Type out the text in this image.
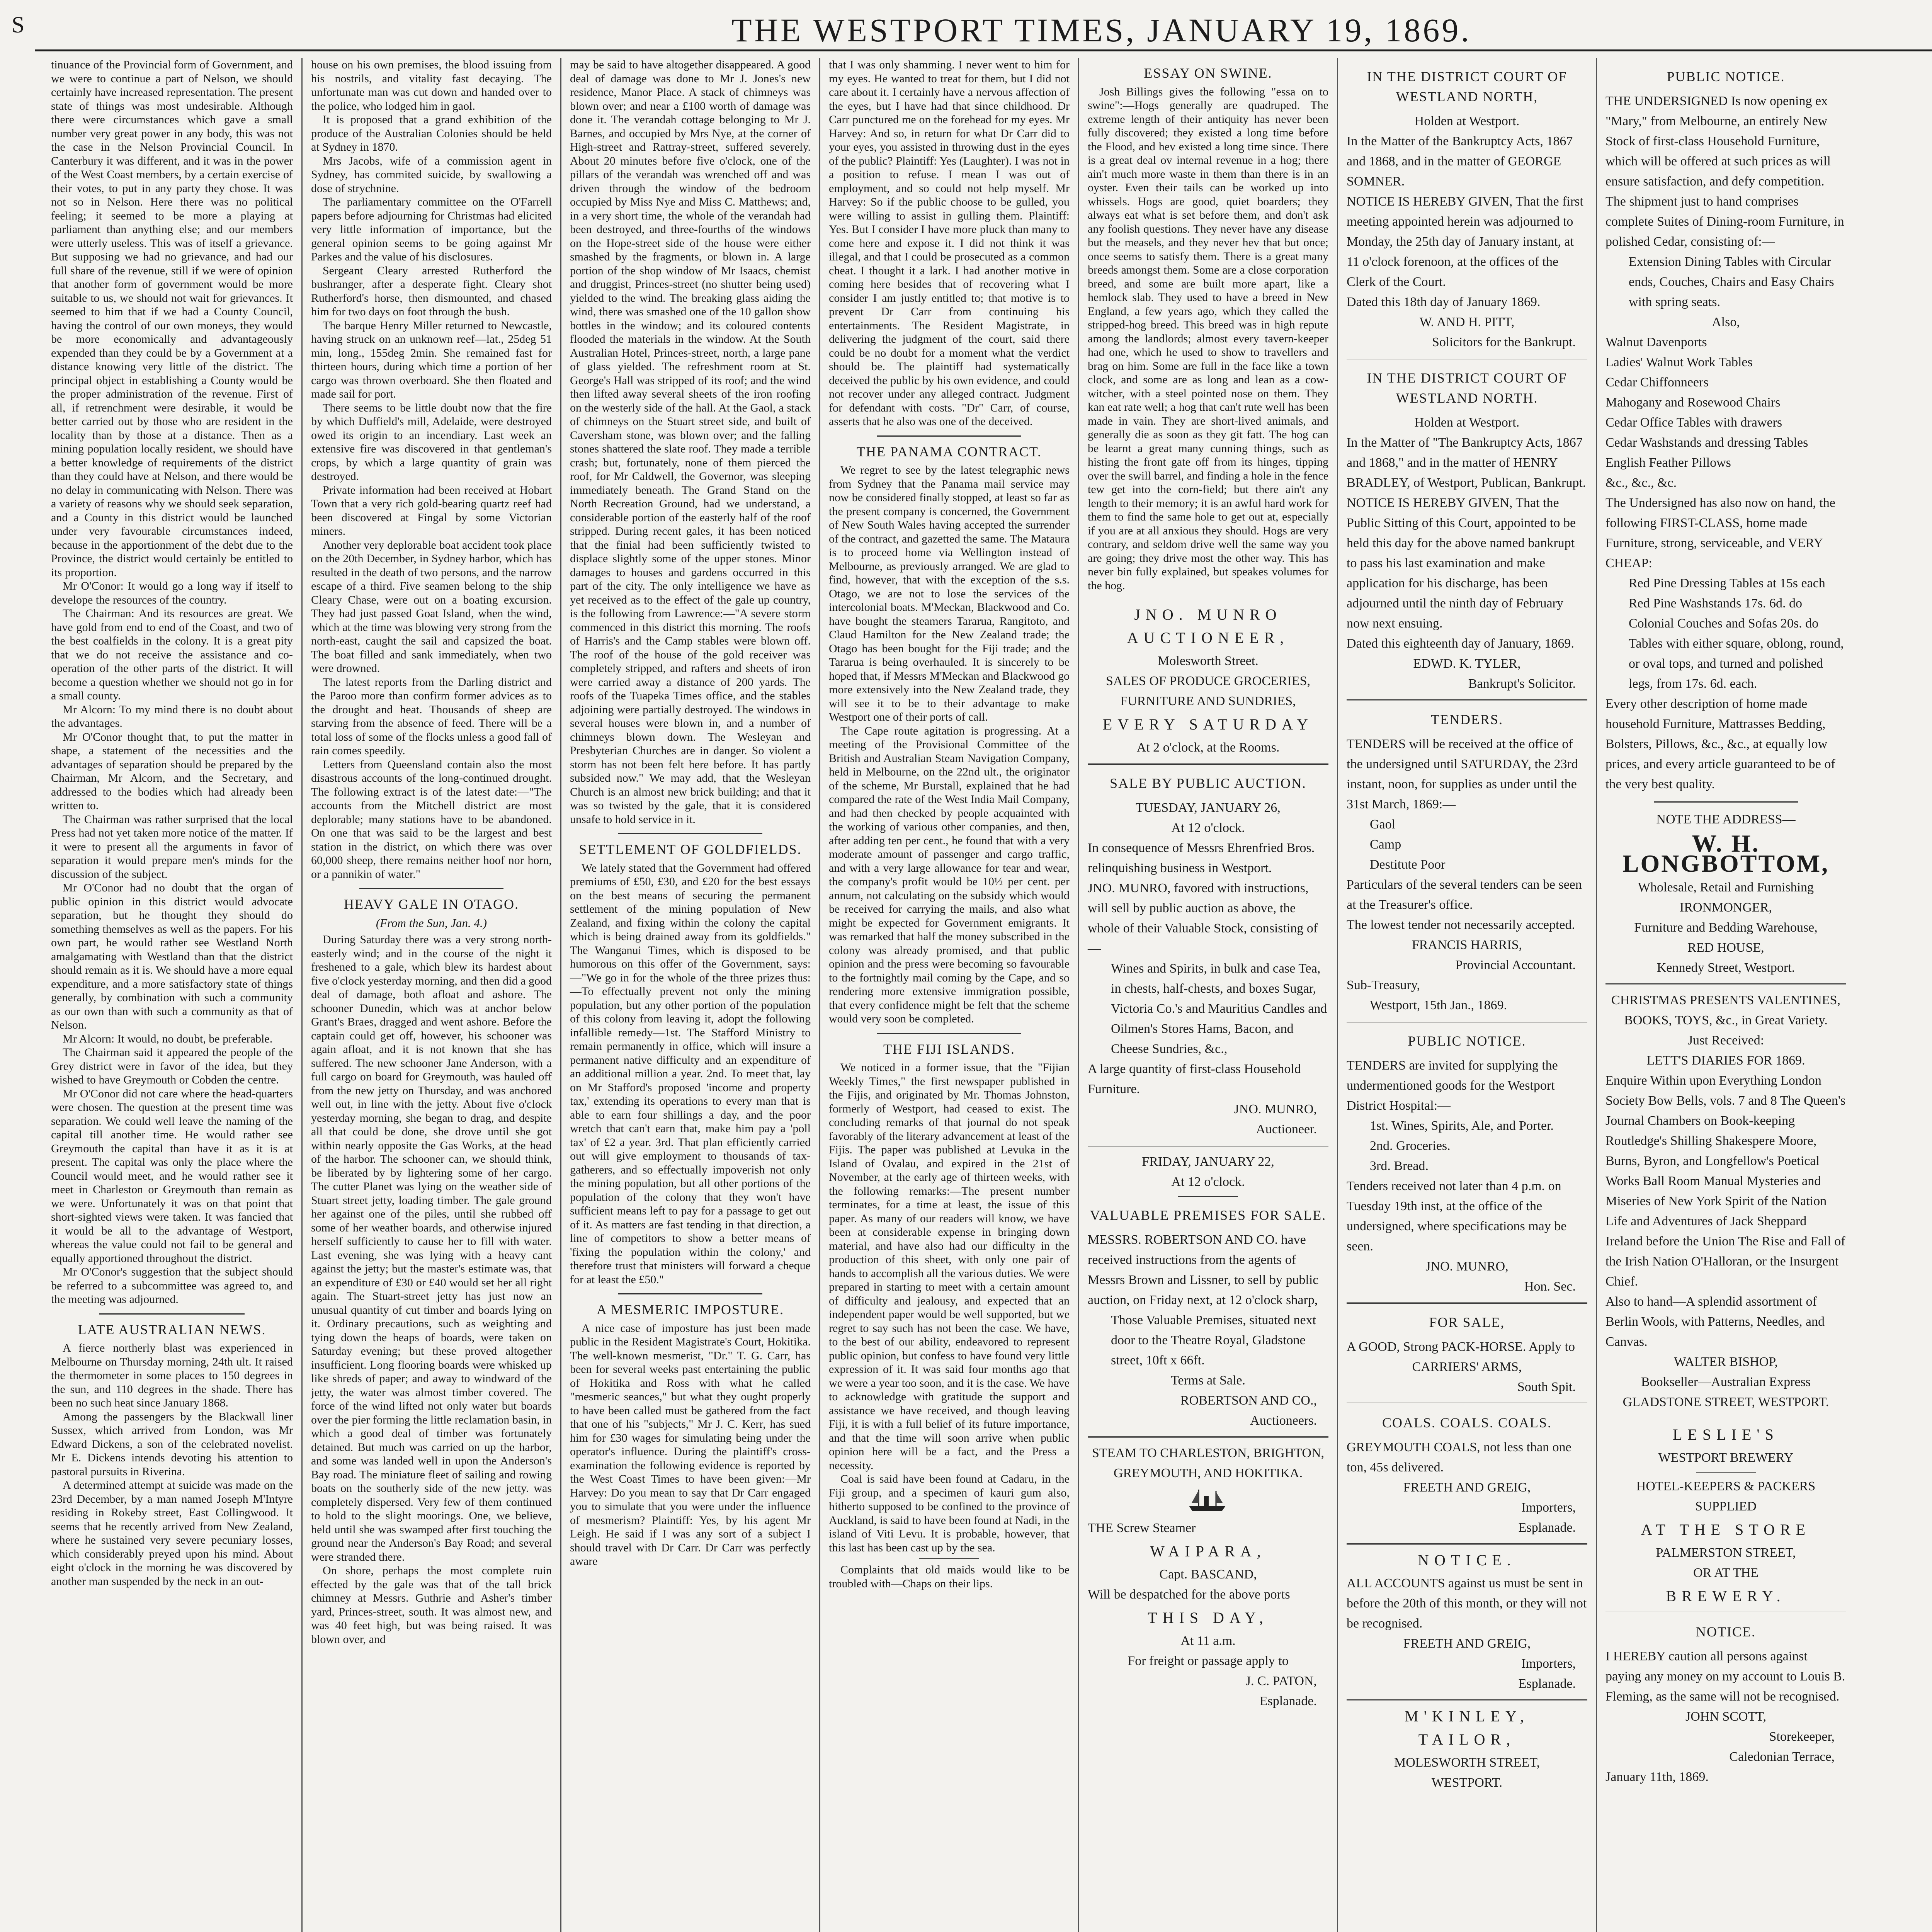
S	THE WESTPORT TIMES, JANUARY 19, 1869.

tinuance of the Provincial form of Government, and we were to continue a part of Nelson, we should certainly have increased representation. The present state of things was most undesirable. Although there were circumstances which gave a small number very great power in any body, this was not the case in the Nelson Provincial Council. In Canterbury it was different, and it was in the power of the West Coast members, by a certain exercise of their votes, to put in any party they chose. It was not so in Nelson. Here there was no political feeling; it seemed to be more a playing at parliament than anything else; and our members were utterly useless. This was of itself a grievance. But supposing we had no grievance, and had our full share of the revenue, still if we were of opinion that another form of government would be more suitable to us, we should not wait for grievances. It seemed to him that if we had a County Council, having the control of our own moneys, they would be more economically and advantageously expended than they could be by a Government at a distance knowing very little of the district. The principal object in establishing a County would be the proper administration of the revenue. First of all, if retrenchment were desirable, it would be better carried out by those who are resident in the locality than by those at a distance. Then as a mining population locally resident, we should have a better knowledge of requirements of the district than they could have at Nelson, and there would be no delay in communicating with Nelson. There was a variety of reasons why we should seek separation, and a County in this district would be launched under very favourable circumstances indeed, because in the apportionment of the debt due to the Province, the district would certainly be entitled to its proportion.

Mr O'Conor: It would go a long way if itself to develope the resources of the country.

The Chairman: And its resources are great. We have gold from end to end of the Coast, and two of the best coalfields in the colony. It is a great pity that we do not receive the assistance and co-operation of the other parts of the district. It will become a question whether we should not go in for a small county.

Mr Alcorn: To my mind there is no doubt about the advantages.

Mr O'Conor thought that, to put the matter in shape, a statement of the necessities and the advantages of separation should be prepared by the Chairman, Mr Alcorn, and the Secretary, and addressed to the bodies which had already been written to.

The Chairman was rather surprised that the local Press had not yet taken more notice of the matter. If it were to present all the arguments in favor of separation it would prepare men's minds for the discussion of the subject.

Mr O'Conor had no doubt that the organ of public opinion in this district would advocate separation, but he thought they should do something themselves as well as the papers. For his own part, he would rather see Westland North amalgamating with Westland than that the district should remain as it is. We should have a more equal expenditure, and a more satisfactory state of things generally, by combination with such a community as our own than with such a community as that of Nelson.

Mr Alcorn: It would, no doubt, be preferable.

The Chairman said it appeared the people of the Grey district were in favor of the idea, but they wished to have Greymouth or Cobden the centre.

Mr O'Conor did not care where the head-quarters were chosen. The question at the present time was separation. We could well leave the naming of the capital till another time. He would rather see Greymouth the capital than have it as it is at present. The capital was only the place where the Council would meet, and he would rather see it meet in Charleston or Greymouth than remain as we were. Unfortunately it was on that point that short-sighted views were taken. It was fancied that it would be all to the advantage of Westport, whereas the value could not fail to be general and equally apportioned throughout the district.

Mr O'Conor's suggestion that the subject should be referred to a subcommittee was agreed to, and the meeting was adjourned.

LATE AUSTRALIAN NEWS.

A fierce northerly blast was experienced in Melbourne on Thursday morning, 24th ult. It raised the thermometer in some places to 150 degrees in the sun, and 110 degrees in the shade. There has been no such heat since January 1868.

Among the passengers by the Blackwall liner Sussex, which arrived from London, was Mr Edward Dickens, a son of the celebrated novelist. Mr E. Dickens intends devoting his attention to pastoral pursuits in Riverina.

A determined attempt at suicide was made on the 23rd December, by a man named Joseph M'Intyre residing in Rokeby street, East Collingwood. It seems that he recently arrived from New Zealand, where he sustained very severe pecuniary losses, which considerably preyed upon his mind. About eight o'clock in the morning he was discovered by another man suspended by the neck in an out-

house on his own premises, the blood issuing from his nostrils, and vitality fast decaying. The unfortunate man was cut down and handed over to the police, who lodged him in gaol.

It is proposed that a grand exhibition of the produce of the Australian Colonies should be held at Sydney in 1870.

Mrs Jacobs, wife of a commission agent in Sydney, has commited suicide, by swallowing a dose of strychnine.

The parliamentary committee on the O'Farrell papers before adjourning for Christmas had elicited very little information of importance, but the general opinion seems to be going against Mr Parkes and the value of his disclosures.

Sergeant Cleary arrested Rutherford the bushranger, after a desperate fight. Cleary shot Rutherford's horse, then dismounted, and chased him for two days on foot through the bush.

The barque Henry Miller returned to Newcastle, having struck on an unknown reef—lat., 25deg 51 min, long., 155deg 2min. She remained fast for thirteen hours, during which time a portion of her cargo was thrown overboard. She then floated and made sail for port.

There seems to be little doubt now that the fire by which Duffield's mill, Adelaide, were destroyed owed its origin to an incendiary. Last week an extensive fire was discovered in that gentleman's crops, by which a large quantity of grain was destroyed.

Private information had been received at Hobart Town that a very rich gold-bearing quartz reef had been discovered at Fingal by some Victorian miners.

Another very deplorable boat accident took place on the 20th December, in Sydney harbor, which has resulted in the death of two persons, and the narrow escape of a third. Five seamen belong to the ship Cleary Chase, were out on a boating excursion. They had just passed Goat Island, when the wind, which at the time was blowing very strong from the north-east, caught the sail and capsized the boat. The boat filled and sank immediately, when two were drowned.

The latest reports from the Darling district and the Paroo more than confirm former advices as to the drought and heat. Thousands of sheep are starving from the absence of feed. There will be a total loss of some of the flocks unless a good fall of rain comes speedily.

Letters from Queensland contain also the most disastrous accounts of the long-continued drought. The following extract is of the latest date:—"The accounts from the Mitchell district are most deplorable; many stations have to be abandoned. On one that was said to be the largest and best station in the district, on which there was over 60,000 sheep, there remains neither hoof nor horn, or a pannikin of water."

HEAVY GALE IN OTAGO.
(From the Sun, Jan. 4.)

During Saturday there was a very strong north-easterly wind; and in the course of the night it freshened to a gale, which blew its hardest about five o'clock yesterday morning, and then did a good deal of damage, both afloat and ashore. The schooner Dunedin, which was at anchor below Grant's Braes, dragged and went ashore. Before the captain could get off, however, his schooner was again afloat, and it is not known that she has suffered. The new schooner Jane Anderson, with a full cargo on board for Greymouth, was hauled off from the new jetty on Thursday, and was anchored well out, in line with the jetty. About five o'clock yesterday morning, she began to drag, and despite all that could be done, she drove until she got within nearly opposite the Gas Works, at the head of the harbor. The schooner can, we should think, be liberated by by lightering some of her cargo. The cutter Planet was lying on the weather side of Stuart street jetty, loading timber. The gale ground her against one of the piles, until she rubbed off some of her weather boards, and otherwise injured herself sufficiently to cause her to fill with water. Last evening, she was lying with a heavy cant against the jetty; but the master's estimate was, that an expenditure of £30 or £40 would set her all right again. The Stuart-street jetty has just now an unusual quantity of cut timber and boards lying on it. Ordinary precautions, such as weighting and tying down the heaps of boards, were taken on Saturday evening; but these proved altogether insufficient. Long flooring boards were whisked up like shreds of paper; and away to windward of the jetty, the water was almost timber covered. The force of the wind lifted not only water but boards over the pier forming the little reclamation basin, in which a good deal of timber was fortunately detained. But much was carried on up the harbor, and some was landed well in upon the Anderson's Bay road. The miniature fleet of sailing and rowing boats on the southerly side of the new jetty. was completely dispersed. Very few of them continued to hold to the slight moorings. One, we believe, held until she was swamped after first touching the ground near the Anderson's Bay Road; and several were stranded there.

On shore, perhaps the most complete ruin effected by the gale was that of the tall brick chimney at Messrs. Guthrie and Asher's timber yard, Princes-street, south. It was almost new, and was 40 feet high, but was being raised. It was blown over, and

may be said to have altogether disappeared. A good deal of damage was done to Mr J. Jones's new residence, Manor Place. A stack of chimneys was blown over; and near a £100 worth of damage was done it. The verandah cottage belonging to Mr J. Barnes, and occupied by Mrs Nye, at the corner of High-street and Rattray-street, suffered severely. About 20 minutes before five o'clock, one of the pillars of the verandah was wrenched off and was driven through the window of the bedroom occupied by Miss Nye and Miss C. Matthews; and, in a very short time, the whole of the verandah had been destroyed, and three-fourths of the windows on the Hope-street side of the house were either smashed by the fragments, or blown in. A large portion of the shop window of Mr Isaacs, chemist and druggist, Princes-street (no shutter being used) yielded to the wind. The breaking glass aiding the wind, there was smashed one of the 10 gallon show bottles in the window; and its coloured contents flooded the materials in the window. At the South Australian Hotel, Princes-street, north, a large pane of glass yielded. The refreshment room at St. George's Hall was stripped of its roof; and the wind then lifted away several sheets of the iron roofing on the westerly side of the hall. At the Gaol, a stack of chimneys on the Stuart street side, and built of Caversham stone, was blown over; and the falling stones shattered the slate roof. They made a terrible crash; but, fortunately, none of them pierced the roof, for Mr Caldwell, the Governor, was sleeping immediately beneath. The Grand Stand on the North Recreation Ground, had we understand, a considerable portion of the easterly half of the roof stripped. During recent gales, it has been noticed that the finial had been sufficiently twisted to displace slightly some of the upper stones. Minor damages to houses and gardens occurred in this part of the city. The only intelligence we have as yet received as to the effect of the gale up country, is the following from Lawrence:—"A severe storm commenced in this district this morning. The roofs of Harris's and the Camp stables were blown off. The roof of the house of the gold receiver was completely stripped, and rafters and sheets of iron were carried away a distance of 200 yards. The roofs of the Tuapeka Times office, and the stables adjoining were partially destroyed. The windows in several houses were blown in, and a number of chimneys blown down. The Wesleyan and Presbyterian Churches are in danger. So violent a storm has not been felt here before. It has partly subsided now." We may add, that the Wesleyan Church is an almost new brick building; and that it was so twisted by the gale, that it is considered unsafe to hold service in it.

SETTLEMENT OF GOLDFIELDS.

We lately stated that the Government had offered premiums of £50, £30, and £20 for the best essays on the best means of securing the permanent settlement of the mining population of New Zealand, and fixing within the colony the capital which is being drained away from its goldfields." The Wanganui Times, which is disposed to be humorous on this offer of the Government, says:—"We go in for the whole of the three prizes thus:—To effectually prevent not only the mining population, but any other portion of the population of this colony from leaving it, adopt the following infallible remedy—1st. The Stafford Ministry to remain permanently in office, which will insure a permanent native difficulty and an expenditure of an additional million a year. 2nd. To meet that, lay on Mr Stafford's proposed 'income and property tax,' extending its operations to every man that is able to earn four shillings a day, and the poor wretch that can't earn that, make him pay a 'poll tax' of £2 a year. 3rd. That plan efficiently carried out will give employment to thousands of tax-gatherers, and so effectually impoverish not only the mining population, but all other portions of the population of the colony that they won't have sufficient means left to pay for a passage to get out of it. As matters are fast tending in that direction, a line of competitors to show a better means of 'fixing the population within the colony,' and therefore trust that ministers will forward a cheque for at least the £50."

A MESMERIC IMPOSTURE.

A nice case of imposture has just been made public in the Resident Magistrate's Court, Hokitika. The well-known mesmerist, "Dr." T. G. Carr, has been for several weeks past entertaining the public of Hokitika and Ross with what he called "mesmeric seances," but what they ought properly to have been called must be gathered from the fact that one of his "subjects," Mr J. C. Kerr, has sued him for £30 wages for simulating being under the operator's influence. During the plaintiff's cross-examination the following evidence is reported by the West Coast Times to have been given:—Mr Harvey: Do you mean to say that Dr Carr engaged you to simulate that you were under the influence of mesmerism? Plaintiff: Yes, by his agent Mr Leigh. He said if I was any sort of a subject I should travel with Dr Carr. Dr Carr was perfectly aware

that I was only shamming. I never went to him for my eyes. He wanted to treat for them, but I did not care about it. I certainly have a nervous affection of the eyes, but I have had that since childhood. Dr Carr punctured me on the forehead for my eyes. Mr Harvey: And so, in return for what Dr Carr did to your eyes, you assisted in throwing dust in the eyes of the public? Plaintiff: Yes (Laughter). I was not in a position to refuse. I mean I was out of employment, and so could not help myself. Mr Harvey: So if the public choose to be gulled, you were willing to assist in gulling them. Plaintiff: Yes. But I consider I have more pluck than many to come here and expose it. I did not think it was illegal, and that I could be prosecuted as a common cheat. I thought it a lark. I had another motive in coming here besides that of recovering what I consider I am justly entitled to; that motive is to prevent Dr Carr from continuing his entertainments. The Resident Magistrate, in delivering the judgment of the court, said there could be no doubt for a moment what the verdict should be. The plaintiff had systematically deceived the public by his own evidence, and could not recover under any alleged contract. Judgment for defendant with costs. "Dr" Carr, of course, asserts that he also was one of the deceived.

THE PANAMA CONTRACT.

We regret to see by the latest telegraphic news from Sydney that the Panama mail service may now be considered finally stopped, at least so far as the present company is concerned, the Government of New South Wales having accepted the surrender of the contract, and gazetted the same. The Mataura is to proceed home via Wellington instead of Melbourne, as previously arranged. We are glad to find, however, that with the exception of the s.s. Otago, we are not to lose the services of the intercolonial boats. M'Meckan, Blackwood and Co. have bought the steamers Tararua, Rangitoto, and Claud Hamilton for the New Zealand trade; the Otago has been bought for the Fiji trade; and the Tararua is being overhauled. It is sincerely to be hoped that, if Messrs M'Meckan and Blackwood go more extensively into the New Zealand trade, they will see it to be to their advantage to make Westport one of their ports of call.

The Cape route agitation is progressing. At a meeting of the Provisional Committee of the British and Australian Steam Navigation Company, held in Melbourne, on the 22nd ult., the originator of the scheme, Mr Burstall, explained that he had compared the rate of the West India Mail Company, and had then checked by people acquainted with the working of various other companies, and then, after adding ten per cent., he found that with a very moderate amount of passenger and cargo traffic, and with a very large allowance for tear and wear, the company's profit would be 10½ per cent. per annum, not calculating on the subsidy which would be received for carrying the mails, and also what might be expected for Government emigrants. It was remarked that half the money subscribed in the colony was already promised, and that public opinion and the press were becoming so favourable to the fortnightly mail coming by the Cape, and so rendering more extensive immigration possible, that every confidence might be felt that the scheme would very soon be completed.

THE FIJI ISLANDS.

We noticed in a former issue, that the "Fijian Weekly Times," the first newspaper published in the Fijis, and originated by Mr. Thomas Johnston, formerly of Westport, had ceased to exist. The concluding remarks of that journal do not speak favorably of the literary advancement at least of the Fijis. The paper was published at Levuka in the Island of Ovalau, and expired in the 21st of November, at the early age of thirteen weeks, with the following remarks:—The present number terminates, for a time at least, the issue of this paper. As many of our readers will know, we have been at considerable expense in bringing down material, and have also had our difficulty in the production of this sheet, with only one pair of hands to accomplish all the various duties. We were prepared in starting to meet with a certain amount of difficulty and jealousy, and expected that an independent paper would be well supported, but we regret to say such has not been the case. We have, to the best of our ability, endeavored to represent public opinion, but confess to have found very little expression of it. It was said four months ago that we were a year too soon, and it is the case. We have to acknowledge with gratitude the support and assistance we have received, and though leaving Fiji, it is with a full belief of its future importance, and that the time will soon arrive when public opinion here will be a fact, and the Press a necessity.

Coal is said have been found at Cadaru, in the Fiji group, and a specimen of kauri gum also, hitherto supposed to be confined to the province of Auckland, is said to have been found at Nadi, in the island of Viti Levu. It is probable, however, that this last has been cast up by the sea.

Complaints that old maids would like to be troubled with—Chaps on their lips.

ESSAY ON SWINE.

Josh Billings gives the following "essa on to swine":—Hogs generally are quadruped. The extreme length of their antiquity has never been fully discovered; they existed a long time before the Flood, and hev existed a long time since. There is a great deal ov internal revenue in a hog; there ain't much more waste in them than there is in an oyster. Even their tails can be worked up into whissels. Hogs are good, quiet boarders; they always eat what is set before them, and don't ask any foolish questions. They never have any disease but the measels, and they never hev that but once; once seems to satisfy them. There is a great many breeds amongst them. Some are a close corporation breed, and some are built more apart, like a hemlock slab. They used to have a breed in New England, a few years ago, which they called the stripped-hog breed. This breed was in high repute among the landlords; almost every tavern-keeper had one, which he used to show to travellers and brag on him. Some are full in the face like a town clock, and some are as long and lean as a cow-witcher, with a steel pointed nose on them. They kan eat rate well; a hog that can't rute well has been made in vain. They are short-lived animals, and generally die as soon as they git fatt. The hog can be learnt a great many cunning things, such as histing the front gate off from its hinges, tipping over the swill barrel, and finding a hole in the fence tew get into the corn-field; but there ain't any length to their memory; it is an awful hard work for them to find the same hole to get out at, especially if you are at all anxious they should. Hogs are very contrary, and seldom drive well the same way you are going; they drive most the other way. This has never bin fully explained, but speakes volumes for the hog.

JNO. MUNRO
AUCTIONEER,
Molesworth Street.
SALES OF PRODUCE GROCERIES, FURNITURE AND SUNDRIES,
EVERY SATURDAY
At 2 o'clock, at the Rooms.
SALE BY PUBLIC AUCTION.
TUESDAY, JANUARY 26,
At 12 o'clock.

In consequence of Messrs Ehrenfried Bros. relinquishing business in Westport.

JNO. MUNRO, favored with instructions, will sell by public auction as above, the whole of their Valuable Stock, consisting of—

Wines and Spirits, in bulk and case Tea, in chests, half-chests, and boxes Sugar, Victoria Co.'s and Mauritius Candles and Oilmen's Stores Hams, Bacon, and Cheese Sundries, &c.,

A large quantity of first-class Household Furniture.

JNO. MUNRO,
Auctioneer.
FRIDAY, JANUARY 22,
At 12 o'clock.
VALUABLE PREMISES FOR SALE.

MESSRS. ROBERTSON AND CO. have received instructions from the agents of Messrs Brown and Lissner, to sell by public auction, on Friday next, at 12 o'clock sharp,

Those Valuable Premises, situated next door to the Theatre Royal, Gladstone street, 10ft x 66ft.

Terms at Sale.
ROBERTSON AND CO.,
Auctioneers.
STEAM TO CHARLESTON, BRIGHTON, GREYMOUTH, AND HOKITIKA.
THE Screw Steamer
WAIPARA,
Capt. BASCAND,

Will be despatched for the above ports

THIS DAY,
At 11 a.m.
For freight or passage apply to
J. C. PATON,
Esplanade.
IN THE DISTRICT COURT OF WESTLAND NORTH,
Holden at Westport.

In the Matter of the Bankruptcy Acts, 1867 and 1868, and in the matter of GEORGE SOMNER.

NOTICE IS HEREBY GIVEN, That the first meeting appointed herein was adjourned to Monday, the 25th day of January instant, at 11 o'clock forenoon, at the offices of the Clerk of the Court.

Dated this 18th day of January 1869.

W. AND H. PITT,
Solicitors for the Bankrupt.
IN THE DISTRICT COURT OF WESTLAND NORTH.
Holden at Westport.

In the Matter of "The Bankruptcy Acts, 1867 and 1868," and in the matter of HENRY BRADLEY, of Westport, Publican, Bankrupt.

NOTICE IS HEREBY GIVEN, That the Public Sitting of this Court, appointed to be held this day for the above named bankrupt to pass his last examination and make application for his discharge, has been adjourned until the ninth day of February now next ensuing.

Dated this eighteenth day of January, 1869.

EDWD. K. TYLER,
Bankrupt's Solicitor.
TENDERS.

TENDERS will be received at the office of the undersigned until SATURDAY, the 23rd instant, noon, for supplies as under until the 31st March, 1869:—

Gaol
Camp
Destitute Poor

Particulars of the several tenders can be seen at the Treasurer's office.

The lowest tender not necessarily accepted.

FRANCIS HARRIS,
Provincial Accountant.
Sub-Treasury,
Westport, 15th Jan., 1869.
PUBLIC NOTICE.

TENDERS are invited for supplying the undermentioned goods for the Westport District Hospital:—

1st. Wines, Spirits, Ale, and Porter.
2nd. Groceries.
3rd. Bread.

Tenders received not later than 4 p.m. on Tuesday 19th inst, at the office of the undersigned, where specifications may be seen.

JNO. MUNRO,
Hon. Sec.
FOR SALE,

A GOOD, Strong PACK-HORSE. Apply to

CARRIERS' ARMS,
South Spit.
COALS. COALS. COALS.

GREYMOUTH COALS, not less than one ton, 45s delivered.

FREETH AND GREIG,
Importers,
Esplanade.
NOTICE.

ALL ACCOUNTS against us must be sent in before the 20th of this month, or they will not be recognised.

FREETH AND GREIG,
Importers,
Esplanade.
M'KINLEY,
TAILOR,
MOLESWORTH STREET,
WESTPORT.
PUBLIC NOTICE.

THE UNDERSIGNED Is now opening ex "Mary," from Melbourne, an entirely New Stock of first-class Household Furniture, which will be offered at such prices as will ensure satisfaction, and defy competition.

The shipment just to hand comprises complete Suites of Dining-room Furniture, in polished Cedar, consisting of:—

Extension Dining Tables with Circular ends, Couches, Chairs and Easy Chairs with spring seats.
Also,
Walnut Davenports
Ladies' Walnut Work Tables
Cedar Chiffonneers
Mahogany and Rosewood Chairs
Cedar Office Tables with drawers
Cedar Washstands and dressing Tables
English Feather Pillows
&c., &c., &c.

The Undersigned has also now on hand, the following FIRST-CLASS, home made Furniture, strong, serviceable, and VERY CHEAP:

Red Pine Dressing Tables at 15s each
Red Pine Washstands 17s. 6d. do
Colonial Couches and Sofas 20s. do
Tables with either square, oblong, round, or oval tops, and turned and polished legs, from 17s. 6d. each.

Every other description of home made household Furniture, Mattrasses Bedding, Bolsters, Pillows, &c., &c., at equally low prices, and every article guaranteed to be of the very best quality.

NOTE THE ADDRESS—
W. H. LONGBOTTOM,
Wholesale, Retail and Furnishing
IRONMONGER,
Furniture and Bedding Warehouse,
RED HOUSE,
Kennedy Street, Westport.
CHRISTMAS PRESENTS VALENTINES, BOOKS, TOYS, &c., in Great Variety.
Just Received:
LETT'S DIARIES FOR 1869.

Enquire Within upon Everything London Society Bow Bells, vols. 7 and 8 The Queen's Journal Chambers on Book-keeping Routledge's Shilling Shakespere Moore, Burns, Byron, and Longfellow's Poetical Works Ball Room Manual Mysteries and Miseries of New York Spirit of the Nation Life and Adventures of Jack Sheppard Ireland before the Union The Rise and Fall of the Irish Nation O'Halloran, or the Insurgent Chief.

Also to hand—A splendid assortment of Berlin Wools, with Patterns, Needles, and Canvas.

WALTER BISHOP,
Bookseller—Australian Express
GLADSTONE STREET, WESTPORT.
LESLIE'S
WESTPORT BREWERY
HOTEL-KEEPERS & PACKERS
SUPPLIED
AT THE STORE
PALMERSTON STREET,
OR AT THE
BREWERY.
NOTICE.

I HEREBY caution all persons against paying any money on my account to Louis B. Fleming, as the same will not be recognised.

JOHN SCOTT,
Storekeeper,
Caledonian Terrace,
January 11th, 1869.
